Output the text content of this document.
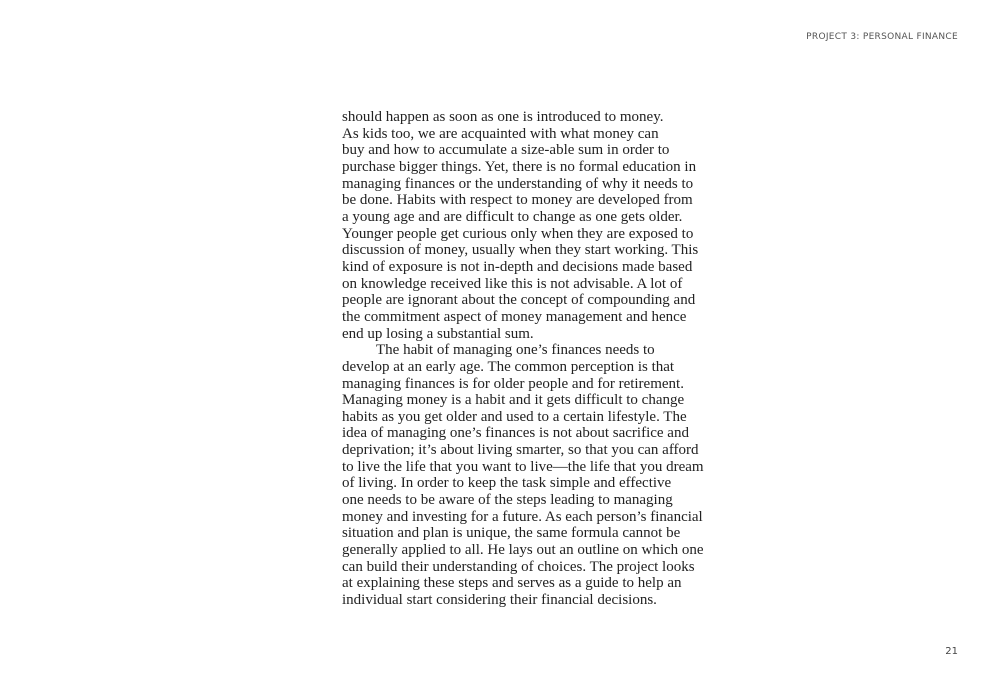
PROJECT 3: PERSONAL FINANCE
should happen as soon as one is introduced to money.
As kids too, we are acquainted with what money can
buy and how to accumulate a size-able sum in order to
purchase bigger things. Yet, there is no formal education in
managing finances or the understanding of why it needs to
be done. Habits with respect to money are developed from
a young age and are difficult to change as one gets older.
Younger people get curious only when they are exposed to
discussion of money, usually when they start working. This
kind of exposure is not in-depth and decisions made based
on knowledge received like this is not advisable. A lot of
people are ignorant about the concept of compounding and
the commitment aspect of money management and hence
end up losing a substantial sum.
The habit of managing one’s finances needs to
develop at an early age. The common perception is that
managing finances is for older people and for retirement.
Managing money is a habit and it gets difficult to change
habits as you get older and used to a certain lifestyle. The
idea of managing one’s finances is not about sacrifice and
deprivation; it’s about living smarter, so that you can afford
to live the life that you want to live—the life that you dream
of living. In order to keep the task simple and effective
one needs to be aware of the steps leading to managing
money and investing for a future. As each person’s financial
situation and plan is unique, the same formula cannot be
generally applied to all. He lays out an outline on which one
can build their understanding of choices. The project looks
at explaining these steps and serves as a guide to help an
individual start considering their financial decisions.
21
